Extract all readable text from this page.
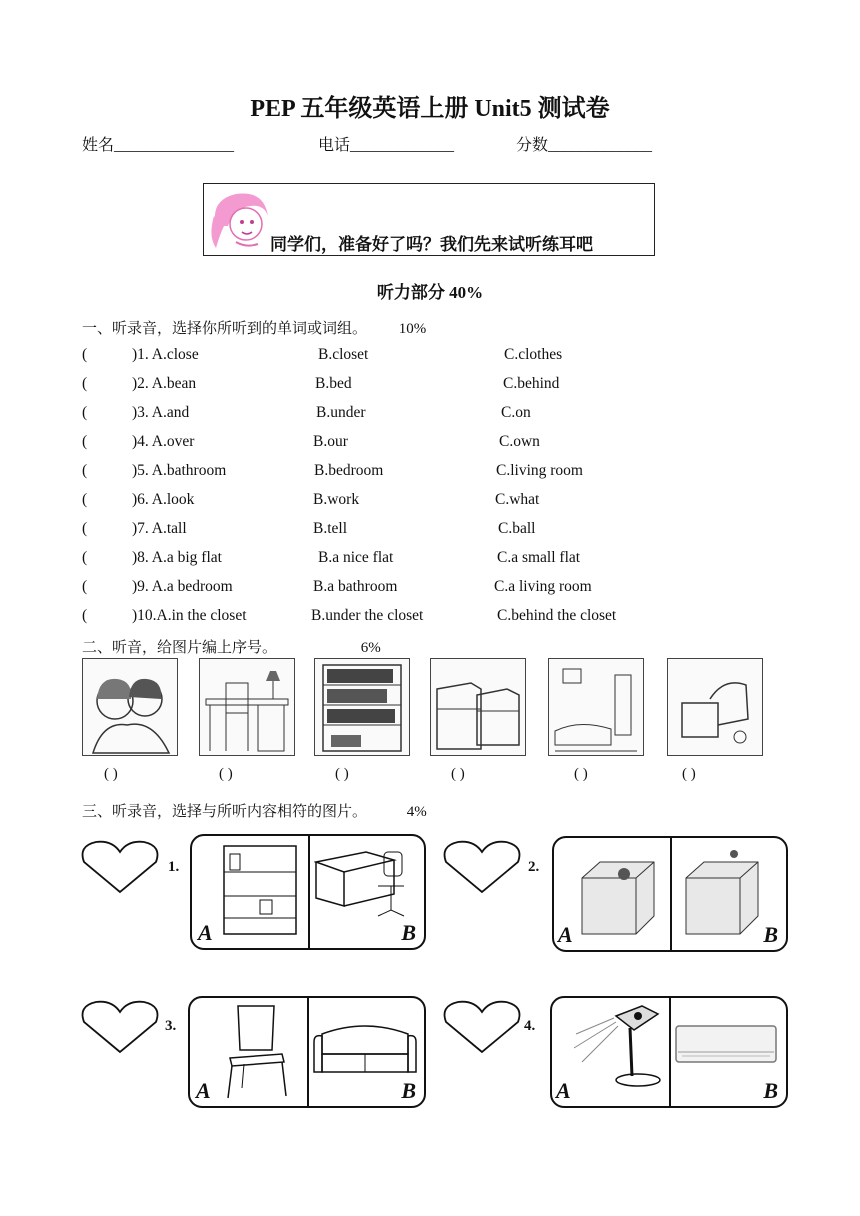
PEP 五年级英语上册 Unit5 测试卷
姓名_______________	电话_____________	分数_____________
同学们，准备好了吗？我们先来试听练耳吧
听力部分 40%
一、听录音，选择你所听到的单词或词组。 10%
(	)1. A.close	B.closet	C.clothes
(	)2. A.bean	B.bed	C.behind
(	)3. A.and	B.under	C.on
(	)4. A.over	B.our	C.own
(	)5. A.bathroom	B.bedroom	C.living room
(	)6. A.look	B.work	C.what
(	)7. A.tall	B.tell	C.ball
(	)8. A.a big flat	B.a nice flat	C.a small flat
(	)9. A.a bedroom	B.a bathroom	C.a living room
(	)10.A.in the closet	B.under the closet	C.behind the closet
二、听音，给图片编上序号。	6%
( )	( )	( )	( )	( )	( )
三、听录音，选择与所听内容相符的图片。	4%
1.	2.
3.	4.
A	B	A	B
A	B	A	B
